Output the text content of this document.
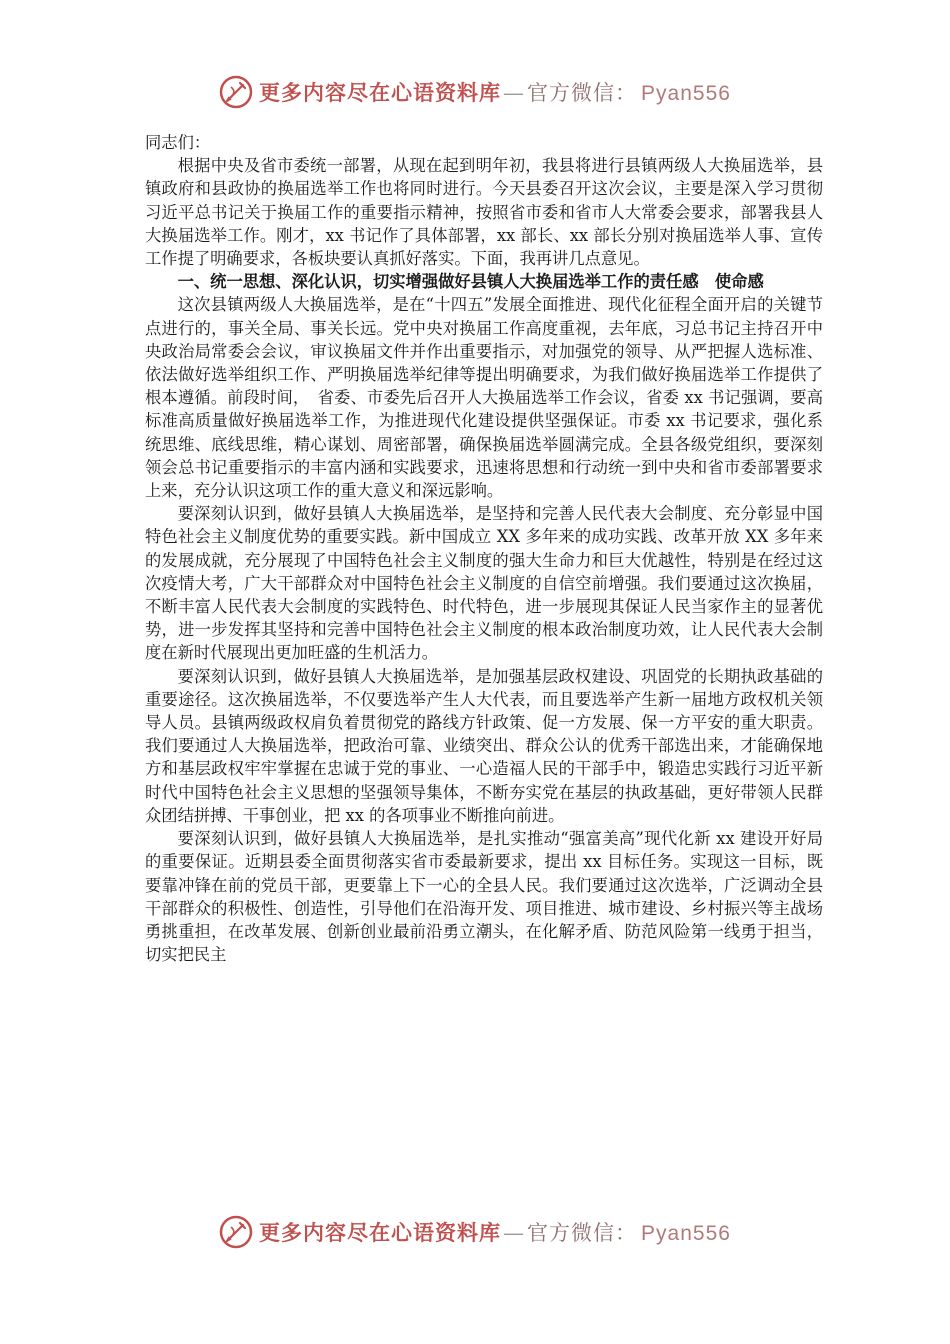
更多内容尽在心语资料库—官方微信： Pyan556

同志们：

根据中央及省市委统一部署，从现在起到明年初，我县将进行县镇两级人大换届选举，县镇政府和县政协的换届选举工作也将同时进行。今天县委召开这次会议，主要是深入学习贯彻习近平总书记关于换届工作的重要指示精神，按照省市委和省市人大常委会要求，部署我县人大换届选举工作。刚才，xx 书记作了具体部署，xx 部长、xx 部长分别对换届选举人事、宣传工作提了明确要求，各板块要认真抓好落实。下面，我再讲几点意见。

一、统一思想、深化认识，切实增强做好县镇人大换届选举工作的责任感　使命感

这次县镇两级人大换届选举，是在“十四五”发展全面推进、现代化征程全面开启的关键节点进行的，事关全局、事关长远。党中央对换届工作高度重视，去年底，习总书记主持召开中央政治局常委会会议，审议换届文件并作出重要指示，对加强党的领导、从严把握人选标准、依法做好选举组织工作、严明换届选举纪律等提出明确要求，为我们做好换届选举工作提供了根本遵循。前段时间，　省委、市委先后召开人大换届选举工作会议，省委 xx 书记强调，要高标准高质量做好换届选举工作，为推进现代化建设提供坚强保证。市委 xx 书记要求，强化系统思维、底线思维，精心谋划、周密部署，确保换届选举圆满完成。全县各级党组织，要深刻领会总书记重要指示的丰富内涵和实践要求，迅速将思想和行动统一到中央和省市委部署要求上来，充分认识这项工作的重大意义和深远影响。

要深刻认识到，做好县镇人大换届选举，是坚持和完善人民代表大会制度、充分彰显中国特色社会主义制度优势的重要实践。新中国成立 XX 多年来的成功实践、改革开放 XX 多年来的发展成就，充分展现了中国特色社会主义制度的强大生命力和巨大优越性，特别是在经过这次疫情大考，广大干部群众对中国特色社会主义制度的自信空前增强。我们要通过这次换届，不断丰富人民代表大会制度的实践特色、时代特色，进一步展现其保证人民当家作主的显著优势，进一步发挥其坚持和完善中国特色社会主义制度的根本政治制度功效，让人民代表大会制度在新时代展现出更加旺盛的生机活力。

要深刻认识到，做好县镇人大换届选举，是加强基层政权建设、巩固党的长期执政基础的重要途径。这次换届选举，不仅要选举产生人大代表，而且要选举产生新一届地方政权机关领导人员。县镇两级政权肩负着贯彻党的路线方针政策、促一方发展、保一方平安的重大职责。我们要通过人大换届选举，把政治可靠、业绩突出、群众公认的优秀干部选出来，才能确保地方和基层政权牢牢掌握在忠诚于党的事业、一心造福人民的干部手中，锻造忠实践行习近平新时代中国特色社会主义思想的坚强领导集体，不断夯实党在基层的执政基础，更好带领人民群众团结拼搏、干事创业，把 xx 的各项事业不断推向前进。

要深刻认识到，做好县镇人大换届选举，是扎实推动“强富美高”现代化新 xx 建设开好局的重要保证。近期县委全面贯彻落实省市委最新要求，提出 xx 目标任务。实现这一目标，既要靠冲锋在前的党员干部，更要靠上下一心的全县人民。我们要通过这次选举，广泛调动全县干部群众的积极性、创造性，引导他们在沿海开发、项目推进、城市建设、乡村振兴等主战场勇挑重担，在改革发展、创新创业最前沿勇立潮头，在化解矛盾、防范风险第一线勇于担当，切实把民主

更多内容尽在心语资料库—官方微信： Pyan556
